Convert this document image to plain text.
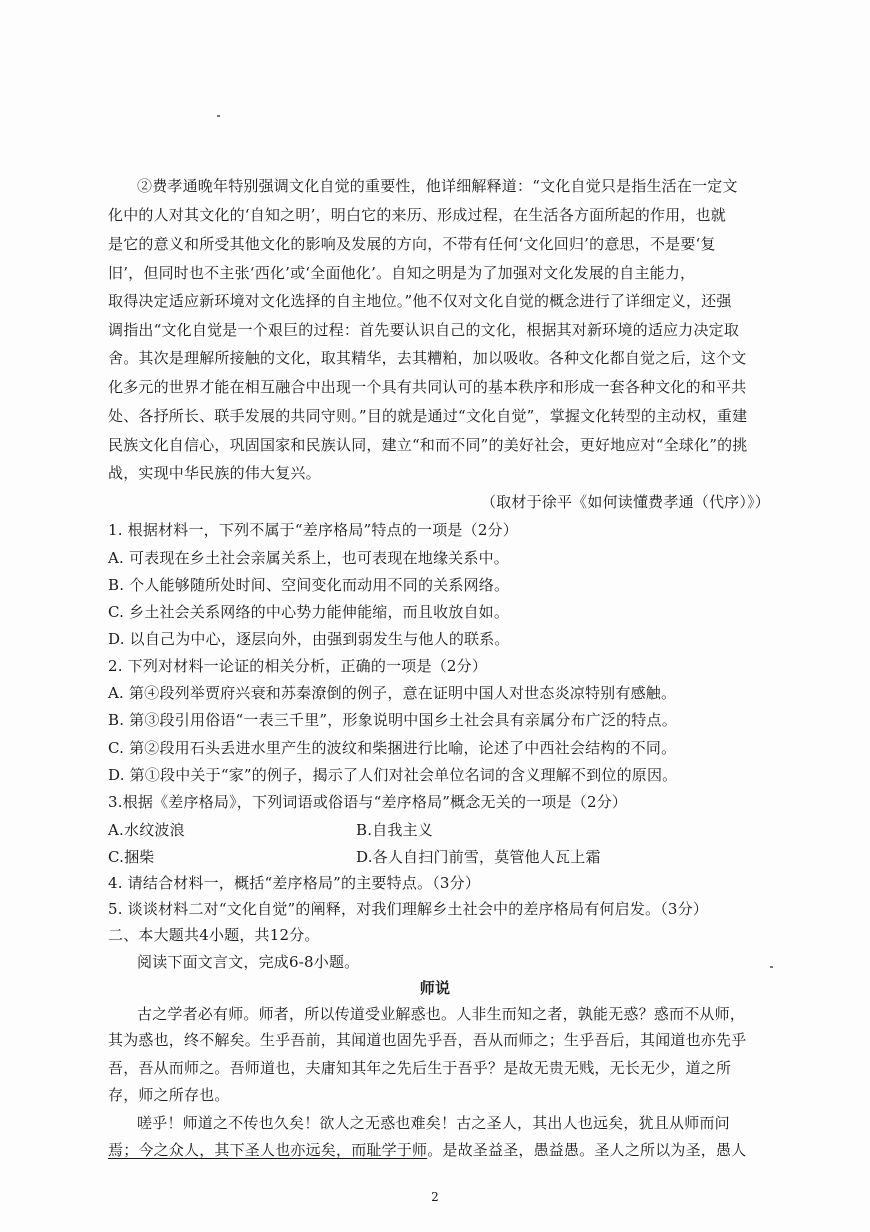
②费孝通晚年特别强调文化自觉的重要性，他详细解释道：“文化自觉只是指生活在一定文
化中的人对其文化的‘自知之明’，明白它的来历、形成过程，在生活各方面所起的作用，也就
是它的意义和所受其他文化的影响及发展的方向，不带有任何‘文化回归’的意思，不是要‘复
旧’，但同时也不主张‘西化’或‘全面他化’。自知之明是为了加强对文化发展的自主能力，
取得决定适应新环境对文化选择的自主地位。”他不仅对文化自觉的概念进行了详细定义，还强
调指出“文化自觉是一个艰巨的过程：首先要认识自己的文化，根据其对新环境的适应力决定取
舍。其次是理解所接触的文化，取其精华，去其糟粕，加以吸收。各种文化都自觉之后，这个文
化多元的世界才能在相互融合中出现一个具有共同认可的基本秩序和形成一套各种文化的和平共
处、各抒所长、联手发展的共同守则。”目的就是通过“文化自觉”，掌握文化转型的主动权，重建
民族文化自信心，巩固国家和民族认同，建立“和而不同”的美好社会，更好地应对“全球化”的挑
战，实现中华民族的伟大复兴。
（取材于徐平《如何读懂费孝通（代序）》）
1. 根据材料一，下列不属于“差序格局”特点的一项是（2分）
A. 可表现在乡土社会亲属关系上，也可表现在地缘关系中。
B. 个人能够随所处时间、空间变化而动用不同的关系网络。
C. 乡土社会关系网络的中心势力能伸能缩，而且收放自如。
D. 以自己为中心，逐层向外，由强到弱发生与他人的联系。
2. 下列对材料一论证的相关分析，正确的一项是（2分）
A. 第④段列举贾府兴衰和苏秦潦倒的例子，意在证明中国人对世态炎凉特别有感触。
B. 第③段引用俗语“一表三千里”，形象说明中国乡土社会具有亲属分布广泛的特点。
C. 第②段用石头丢进水里产生的波纹和柴捆进行比喻，论述了中西社会结构的不同。
D. 第①段中关于“家”的例子，揭示了人们对社会单位名词的含义理解不到位的原因。
3.根据《差序格局》，下列词语或俗语与“差序格局”概念无关的一项是（2分）
A.水纹波浪	B.自我主义
C.捆柴	D.各人自扫门前雪，莫管他人瓦上霜
4. 请结合材料一，概括“差序格局”的主要特点。（3分）
5. 谈谈材料二对“文化自觉”的阐释，对我们理解乡土社会中的差序格局有何启发。（3分）
二、本大题共4小题，共12分。
阅读下面文言文，完成6-8小题。
师说
古之学者必有师。师者，所以传道受业解惑也。人非生而知之者，孰能无惑？惑而不从师，
其为惑也，终不解矣。生乎吾前，其闻道也固先乎吾，吾从而师之；生乎吾后，其闻道也亦先乎
吾，吾从而师之。吾师道也，夫庸知其年之先后生于吾乎？是故无贵无贱，无长无少，道之所
存，师之所存也。
嗟乎！师道之不传也久矣！欲人之无惑也难矣！古之圣人，其出人也远矣，犹且从师而问
焉；今之众人，其下圣人也亦远矣，而耻学于师。是故圣益圣，愚益愚。圣人之所以为圣，愚人
2
